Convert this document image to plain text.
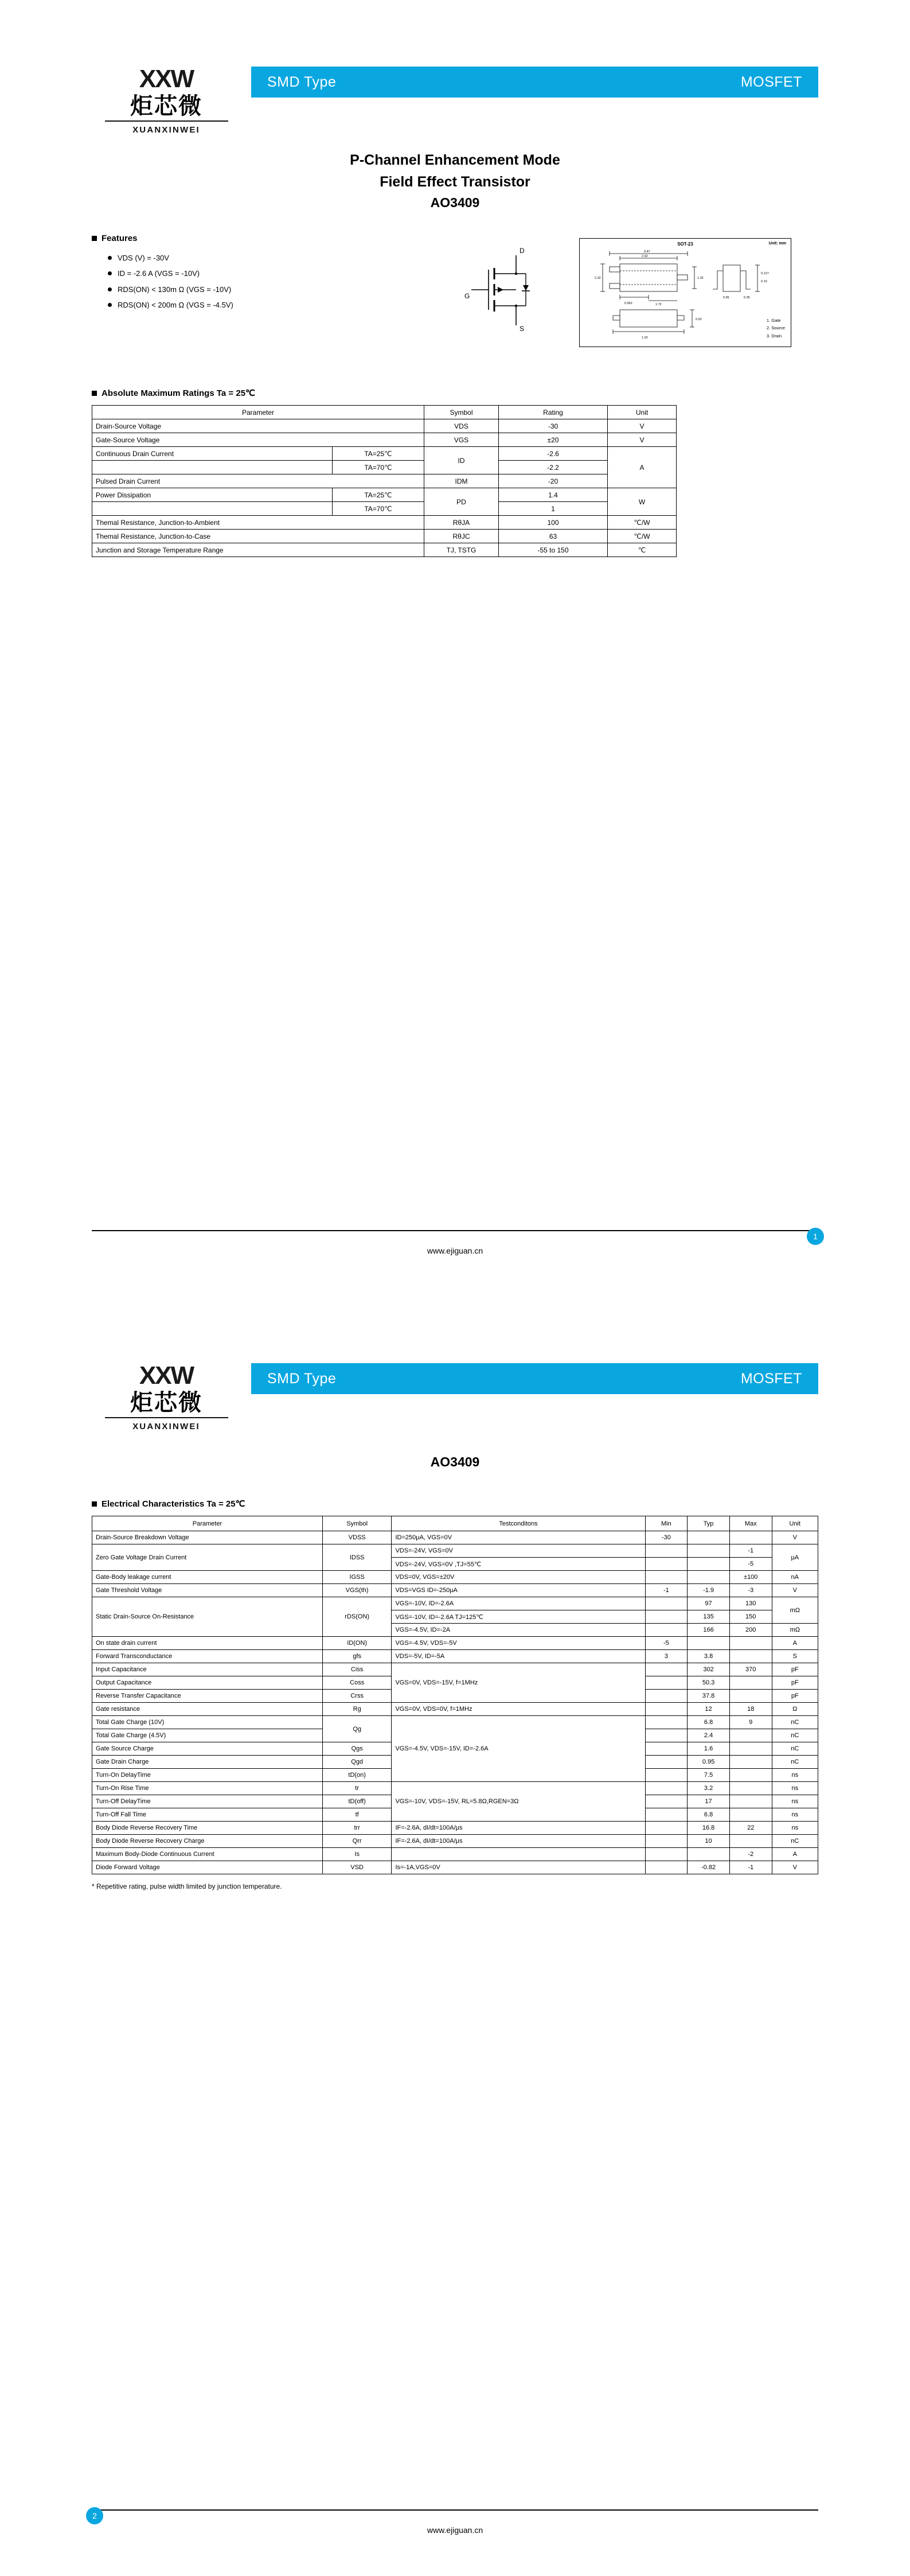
XXW
炬芯微
XUANXINWEI
SMD Type	MOSFET
P-Channel Enhancement Mode
Field Effect Transistor
AO3409
Features
VDS (V) = -30V
ID = -2.6 A (VGS = -10V)
RDS(ON) < 130m Ω (VGS = -10V)
RDS(ON) < 200m Ω (VGS = -4.5V)
D
G
S
SOT-23	Unit: mm
2.92
0.47
2.32	1.32
0.952	1.72
1.02
0.52
0.127
0.10
0.95	0.35
1. Gate
2. Source
3. Drain
Absolute Maximum Ratings Ta = 25℃
Parameter		Symbol	Rating	Unit
Drain-Source Voltage		VDS	-30	V
Gate-Source Voltage		VGS	±20	V
Continuous Drain Current	TA=25℃	ID	-2.6	A
	TA=70℃		-2.2	
Pulsed Drain Current		IDM	-20	
Power Dissipation	TA=25℃	PD	1.4	W
	TA=70℃		1	
Themal Resistance, Junction-to-Ambient		RθJA	100	℃/W
Themal Resistance, Junction-to-Case		RθJC	63	℃/W
Junction and Storage Temperature Range		TJ, TSTG	-55 to 150	℃
www.ejiguan.cn
1
XXW
炬芯微
XUANXINWEI
SMD Type	MOSFET
AO3409
Electrical Characteristics Ta = 25℃
Parameter	Symbol	Testconditons	Min	Typ	Max	Unit
Drain-Source Breakdown Voltage	VDSS	ID=250μA, VGS=0V	-30			V
Zero Gate Voltage Drain Current	IDSS	VDS=-24V, VGS=0V			-1	μA
		VDS=-24V, VGS=0V ,TJ=55℃			-5	
Gate-Body leakage current	IGSS	VDS=0V, VGS=±20V			±100	nA
Gate Threshold Voltage	VGS(th)	VDS=VGS ID=-250μA	-1	-1.9	-3	V
Static Drain-Source On-Resistance	rDS(ON)	VGS=-10V, ID=-2.6A		97	130	mΩ
		VGS=-10V, ID=-2.6A TJ=125℃		135	150	
		VGS=-4.5V, ID=-2A		166	200	mΩ
On state drain current	ID(ON)	VGS=-4.5V, VDS=-5V	-5			A
Forward Transconductance	gfs	VDS=-5V, ID=-5A	3	3.8		S
Input Capacitance	Ciss	VGS=0V, VDS=-15V, f=1MHz		302	370	pF
Output Capacitance	Coss			50.3		pF
Reverse Transfer Capacitance	Crss			37.8		pF
Gate resistance	Rg	VGS=0V, VDS=0V, f=1MHz		12	18	Ω
Total Gate Charge (10V)	Qg	VGS=-4.5V, VDS=-15V, ID=-2.6A		6.8	9	nC
Total Gate Charge (4.5V)				2.4		nC
Gate Source Charge	Qgs			1.6		nC
Gate Drain Charge	Qgd			0.95		nC
Turn-On DelayTime	tD(on)			7.5		ns
Turn-On Rise Time	tr	VGS=-10V, VDS=-15V, RL=5.8Ω,RGEN=3Ω		3.2		ns
Turn-Off DelayTime	tD(off)			17		ns
Turn-Off Fall Time	tf			6.8		ns
Body Diode Reverse Recovery Time	trr	IF=-2.6A, dI/dt=100A/μs		16.8	22	ns
Body Diode Reverse Recovery Charge	Qrr	IF=-2.6A, dI/dt=100A/μs		10		nC
Maximum Body-Diode Continuous Current	Is				-2	A
Diode Forward Voltage	VSD	Is=-1A,VGS=0V		-0.82	-1	V
* Repetitive rating, pulse width limited by junction temperature.
www.ejiguan.cn
2
